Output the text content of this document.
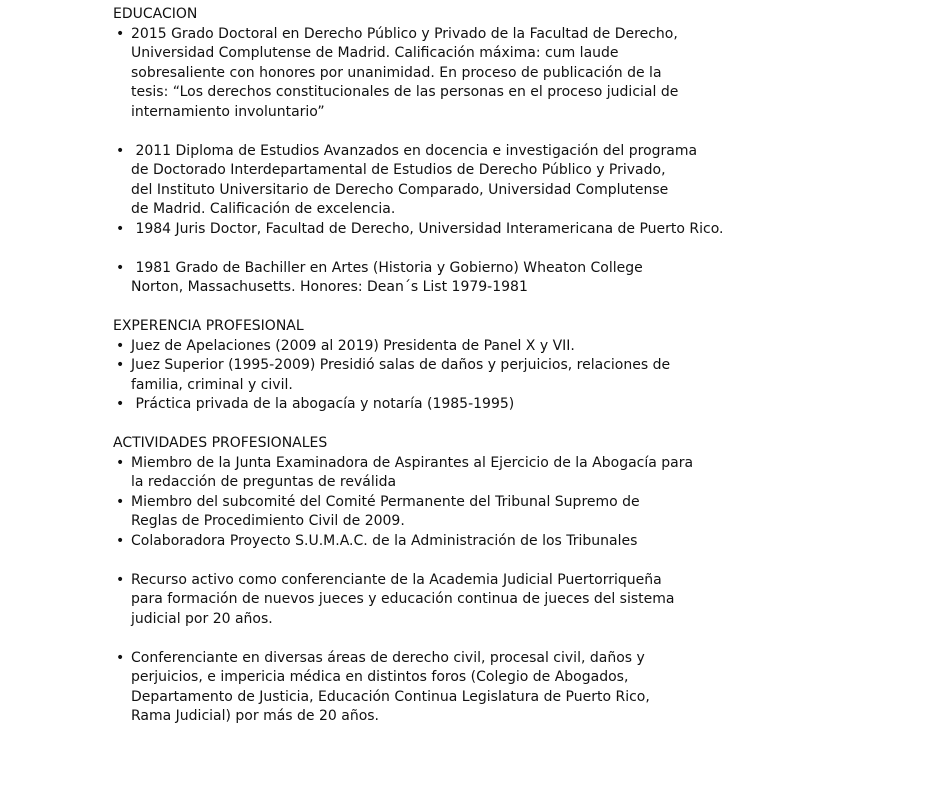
EDUCACION
• 2015 Grado Doctoral en Derecho Público y Privado de la Facultad de Derecho,
Universidad Complutense de Madrid. Calificación máxima: cum laude
sobresaliente con honores por unanimidad. En proceso de publicación de la
tesis: “Los derechos constitucionales de las personas en el proceso judicial de
internamiento involuntario”
•  2011 Diploma de Estudios Avanzados en docencia e investigación del programa
de Doctorado Interdepartamental de Estudios de Derecho Público y Privado,
del Instituto Universitario de Derecho Comparado, Universidad Complutense
de Madrid. Calificación de excelencia.
•  1984 Juris Doctor, Facultad de Derecho, Universidad Interamericana de Puerto Rico.
•  1981 Grado de Bachiller en Artes (Historia y Gobierno) Wheaton College
Norton, Massachusetts. Honores: Dean´s List 1979-1981
EXPERENCIA PROFESIONAL
• Juez de Apelaciones (2009 al 2019) Presidenta de Panel X y VII.
• Juez Superior (1995-2009) Presidió salas de daños y perjuicios, relaciones de
familia, criminal y civil.
•  Práctica privada de la abogacía y notaría (1985-1995)
ACTIVIDADES PROFESIONALES
• Miembro de la Junta Examinadora de Aspirantes al Ejercicio de la Abogacía para
la redacción de preguntas de reválida
• Miembro del subcomité del Comité Permanente del Tribunal Supremo de
Reglas de Procedimiento Civil de 2009.
• Colaboradora Proyecto S.U.M.A.C. de la Administración de los Tribunales
• Recurso activo como conferenciante de la Academia Judicial Puertorriqueña
para formación de nuevos jueces y educación continua de jueces del sistema
judicial por 20 años.
• Conferenciante en diversas áreas de derecho civil, procesal civil, daños y
perjuicios, e impericia médica en distintos foros (Colegio de Abogados,
Departamento de Justicia, Educación Continua Legislatura de Puerto Rico,
Rama Judicial) por más de 20 años.
